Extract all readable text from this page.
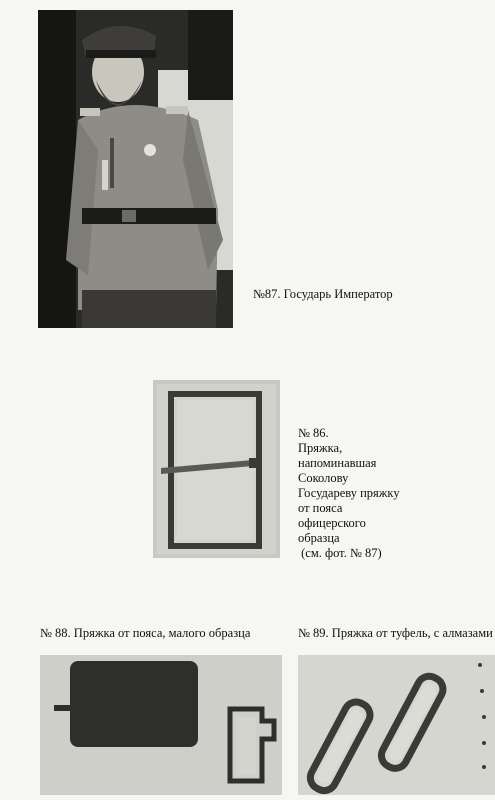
№87. Государь Император
№ 86.
Пряжка,
напоминавшая
Соколову
Государеву пряжку
от пояса
офицерского
образца
(см. фот. № 87)
№ 88. Пряжка от пояса, малого образца	№ 89. Пряжка от туфель, с алмазами
